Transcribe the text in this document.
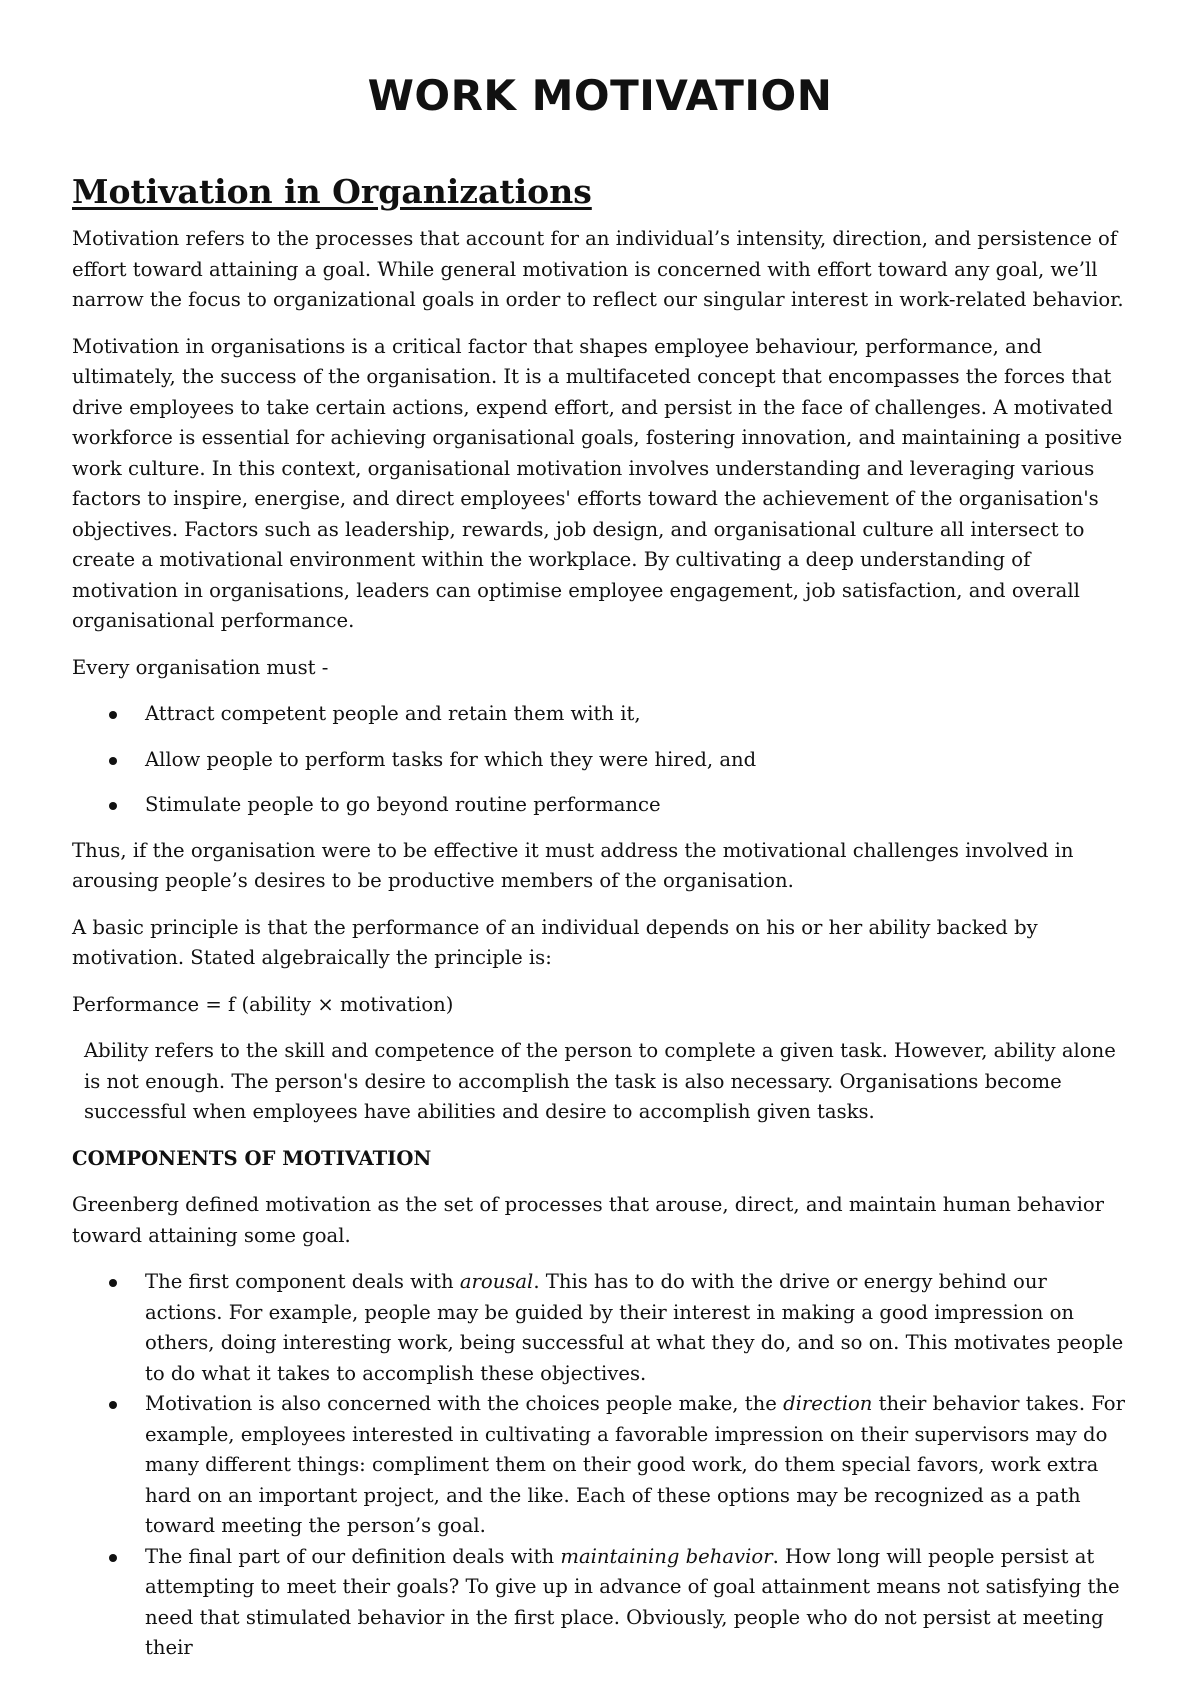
WORK MOTIVATION
Motivation in Organizations

Motivation refers to the processes that account for an individual’s intensity, direction, and persistence of effort toward attaining a goal. While general motivation is concerned with effort toward any goal, we’ll narrow the focus to organizational goals in order to reflect our singular interest in work-related behavior.

Motivation in organisations is a critical factor that shapes employee behaviour, performance, and ultimately, the success of the organisation. It is a multifaceted concept that encompasses the forces that drive employees to take certain actions, expend effort, and persist in the face of challenges. A motivated workforce is essential for achieving organisational goals, fostering innovation, and maintaining a positive work culture. In this context, organisational motivation involves understanding and leveraging various factors to inspire, energise, and direct employees' efforts toward the achievement of the organisation's objectives. Factors such as leadership, rewards, job design, and organisational culture all intersect to create a motivational environment within the workplace. By cultivating a deep understanding of motivation in organisations, leaders can optimise employee engagement, job satisfaction, and overall organisational performance.

Every organisation must -

Attract competent people and retain them with it,
Allow people to perform tasks for which they were hired, and
Stimulate people to go beyond routine performance

Thus, if the organisation were to be effective it must address the motivational challenges involved in arousing people’s desires to be productive members of the organisation.

A basic principle is that the performance of an individual depends on his or her ability backed by motivation. Stated algebraically the principle is:

Performance = f (ability × motivation)

Ability refers to the skill and competence of the person to complete a given task. However, ability alone is not enough. The person's desire to accomplish the task is also necessary. Organisations become successful when employees have abilities and desire to accomplish given tasks.

COMPONENTS OF MOTIVATION

Greenberg defined motivation as the set of processes that arouse, direct, and maintain human behavior toward attaining some goal.

The first component deals with arousal. This has to do with the drive or energy behind our actions. For example, people may be guided by their interest in making a good impression on others, doing interesting work, being successful at what they do, and so on. This motivates people to do what it takes to accomplish these objectives.
Motivation is also concerned with the choices people make, the direction their behavior takes. For example, employees interested in cultivating a favorable impression on their supervisors may do many different things: compliment them on their good work, do them special favors, work extra hard on an important project, and the like. Each of these options may be recognized as a path toward meeting the person’s goal.
The final part of our definition deals with maintaining behavior. How long will people persist at attempting to meet their goals? To give up in advance of goal attainment means not satisfying the need that stimulated behavior in the first place. Obviously, people who do not persist at meeting their
